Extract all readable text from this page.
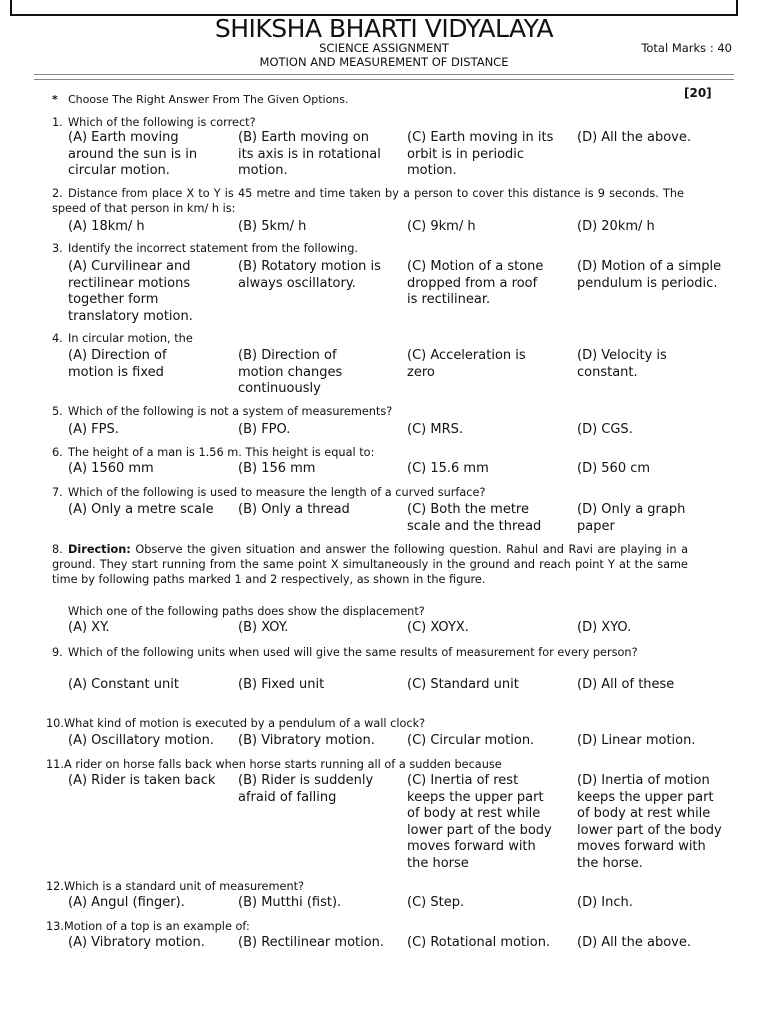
SHIKSHA BHARTI VIDYALAYA
SCIENCE ASSIGNMENT
MOTION AND MEASUREMENT OF DISTANCE
Total Marks : 40
* Choose The Right Answer From The Given Options.	[20]
1. Which of the following is correct?
(A) Earth moving
around the sun is in
circular motion.
(B) Earth moving on
its axis is in rotational
motion.
(C) Earth moving in its
orbit is in periodic
motion.
(D) All the above.
2. Distance from place X to Y is 45 metre and time taken by a person to cover this distance is 9 seconds. The speed of that person in km/ h is:
(A) 18km/ h	(B) 5km/ h	(C) 9km/ h	(D) 20km/ h
3. Identify the incorrect statement from the following.
(A) Curvilinear and
rectilinear motions
together form
translatory motion.
(B) Rotatory motion is
always oscillatory.
(C) Motion of a stone
dropped from a roof
is rectilinear.
(D) Motion of a simple
pendulum is periodic.
4. In circular motion, the
(A) Direction of
motion is fixed
(B) Direction of
motion changes
continuously
(C) Acceleration is
zero
(D) Velocity is
constant.
5. Which of the following is not a system of measurements?
(A) FPS.	(B) FPO.	(C) MRS.	(D) CGS.
6. The height of a man is 1.56 m. This height is equal to:
(A) 1560 mm	(B) 156 mm	(C) 15.6 mm	(D) 560 cm
7. Which of the following is used to measure the length of a curved surface?
(A) Only a metre scale	(B) Only a thread	(C) Both the metre
scale and the thread
(D) Only a graph
paper
8. Direction: Observe the given situation and answer the following question. Rahul and Ravi are playing in a ground. They start running from the same point X simultaneously in the ground and reach point Y at the same time by following paths marked 1 and 2 respectively, as shown in the figure.
Which one of the following paths does show the displacement?
(A) XY.	(B) XOY.	(C) XOYX.	(D) XYO.
9. Which of the following units when used will give the same results of measurement for every person?
(A) Constant unit	(B) Fixed unit	(C) Standard unit	(D) All of these
10.What kind of motion is executed by a pendulum of a wall clock?
(A) Oscillatory motion.	(B) Vibratory motion.	(C) Circular motion.	(D) Linear motion.
11.A rider on horse falls back when horse starts running all of a sudden because
(A) Rider is taken back	(B) Rider is suddenly
afraid of falling
(C) Inertia of rest
keeps the upper part
of body at rest while
lower part of the body
moves forward with
the horse
(D) Inertia of motion
keeps the upper part
of body at rest while
lower part of the body
moves forward with
the horse.
12.Which is a standard unit of measurement?
(A) Angul (finger).	(B) Mutthi (fist).	(C) Step.	(D) Inch.
13.Motion of a top is an example of:
(A) Vibratory motion.	(B) Rectilinear motion.	(C) Rotational motion.	(D) All the above.
